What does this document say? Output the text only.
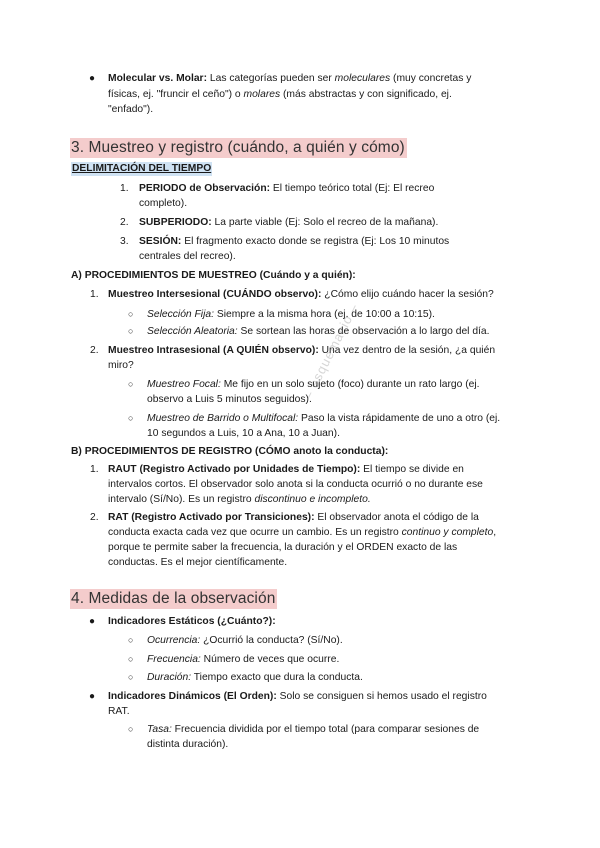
● Molecular vs. Molar: Las categorías pueden ser moleculares (muy concretas y
físicas, ej. "fruncir el ceño") o molares (más abstractas y con significado, ej.
"enfado").
3. Muestreo y registro (cuándo, a quién y cómo)
DELIMITACIÓN DEL TIEMPO
1. PERIODO de Observación: El tiempo teórico total (Ej: El recreo
completo).
2. SUBPERIODO: La parte viable (Ej: Solo el recreo de la mañana).
3. SESIÓN: El fragmento exacto donde se registra (Ej: Los 10 minutos
centrales del recreo).
A) PROCEDIMIENTOS DE MUESTREO (Cuándo y a quién):
1. Muestreo Intersesional (CUÁNDO observo): ¿Cómo elijo cuándo hacer la sesión?
○ Selección Fija: Siempre a la misma hora (ej. de 10:00 a 10:15).
○ Selección Aleatoria: Se sortean las horas de observación a lo largo del día.
2. Muestreo Intrasesional (A QUIÉN observo): Una vez dentro de la sesión, ¿a quién
miro?
○ Muestreo Focal: Me fijo en un solo sujeto (foco) durante un rato largo (ej.
observo a Luis 5 minutos seguidos).
○ Muestreo de Barrido o Multifocal: Paso la vista rápidamente de uno a otro (ej.
10 segundos a Luis, 10 a Ana, 10 a Juan).
B) PROCEDIMIENTOS DE REGISTRO (CÓMO anoto la conducta):
1. RAUT (Registro Activado por Unidades de Tiempo): El tiempo se divide en
intervalos cortos. El observador solo anota si la conducta ocurrió o no durante ese
intervalo (Sí/No). Es un registro discontinuo e incompleto.
2. RAT (Registro Activado por Transiciones): El observador anota el código de la
conducta exacta cada vez que ocurre un cambio. Es un registro continuo y completo,
porque te permite saber la frecuencia, la duración y el ORDEN exacto de las
conductas. Es el mejor científicamente.
4. Medidas de la observación
● Indicadores Estáticos (¿Cuánto?):
○ Ocurrencia: ¿Ocurrió la conducta? (Sí/No).
○ Frecuencia: Número de veces que ocurre.
○ Duración: Tiempo exacto que dura la conducta.
● Indicadores Dinámicos (El Orden): Solo se consiguen si hemos usado el registro
RAT.
○ Tasa: Frecuencia dividida por el tiempo total (para comparar sesiones de
distinta duración).
– esquemacio –
